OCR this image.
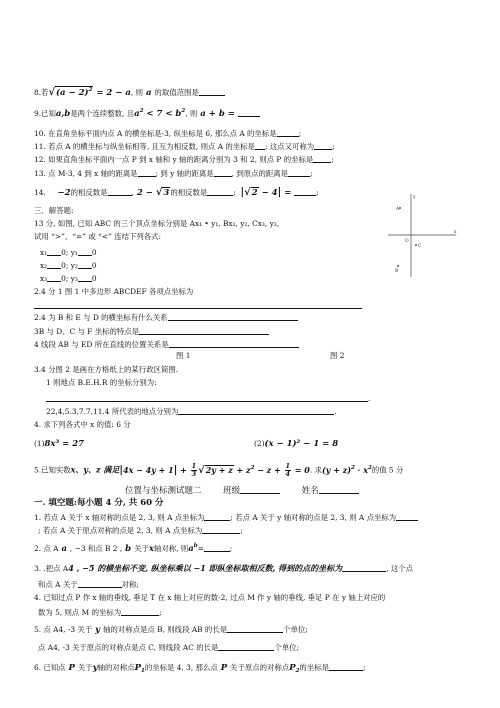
8.若$√(a - 2)^2 = 2 - a$, 则 a 的取值范围是
9.已知a,b是两个连续整数, 且$a^2 < 7 < b^2$, 则 a + b =
10. 在直角坐标平面内点 A 的横坐标是-3, 纵坐标是 6, 那么点 A 的坐标是	;
11. 若点 A 的横坐标与纵坐标相等, 且互为相反数, 则点 A 的坐标是 ; 这点又可称为 ;
12. 如果直角坐标平面内一点 P 到 x 轴和 y 轴的距离分别为 3 和 2, 则点 P 的坐标是 ;
13. 点 M-3, 4 到 x 轴的距离是 ; 到 y 轴的距离是 , 到原点的距离是	;
14. −2的相反数是	, 2 − √3的相反数是	;  |√2 − 4| =	;
三．解答题:
13 分, 如图, 已知 ABC 的三个顶点坐标分别是 Ax₁ • y₁, Bx₂, y₂, Cx₃, y₃,
试用 “>”、“=” 或 “<” 连结下列各式:
x₁ 0; y₁ 0
x₂ 0; y₂ 0
x₃ 0; y₃ 0
x
y
O
A
C
B
2.4 分 1 图 1 中多边形 ABCDEF 各项点坐标为
2.4 为 B 和 E 与 D 的横坐标有什么关系
3B 与 D、C 与 F 坐标的特点是
4 线段 AB 与 ED 所在直线的位置关系是
图 1	图 2
3.4 分图 2 是画在方格纸上的某行政区简图.
1 则地点 B.E.H.R 的坐标分别为:
.
22,4,5.3,7.7,11.4 所代表的地点分别为	.
4. 求下列各式中 x 的值: 6 分
(1)8x³ = 27	(2)(x − 1)² − 1 = 8
5.已知实数x、y、z 满足$|4x - 4y + 1| + \frac{1}{3} √2y + z + z^2 - z + \frac{1}{4} = 0$. 求$(y + z)^2 \cdot x^2$的值 5 分
位置与坐标测试题二	班级	姓名
一. 填空题:每小题 4 分, 共 60 分
1. 若点 A 关于 x 轴对称的点是 2, 3, 则 A 点坐标为	; 若点 A 关于 y 轴对称的点是 2, 3, 则 A 点坐标为
; 若点 A 关于原点对称的点是 2, 3, 则 A 点坐标为	;
2. 点 A a , −3 和点 B 2 , b 关于x轴对称, 则$a^b=$	;
3. .把点 A4 , −5 的横坐标不变, 纵坐标乘以 −1 即纵坐标取相反数, 得到的点的坐标为	, 这个点
和点 A 关于	对称;
4. 已知过点 P 作 x 轴的垂线, 垂足 T 在 x 轴上对应的数-2, 过点 M 作 y 轴的垂线, 垂足 P 在 y 轴上对应的
数为 5, 则点 M 的坐标为	;
5. 点 A4, -3 关于 y 轴的对称点是点 B, 则线段 AB 的长是	个单位;
点 A4, -3 关于原点的对称点是点 C, 则线段 AC 的长是	个单位;
6. 已知点 P 关于y轴的对称点$P_1$的坐标是 4, 3, 那么点 P 关于原点的对称点$P_2$的坐标是	;
